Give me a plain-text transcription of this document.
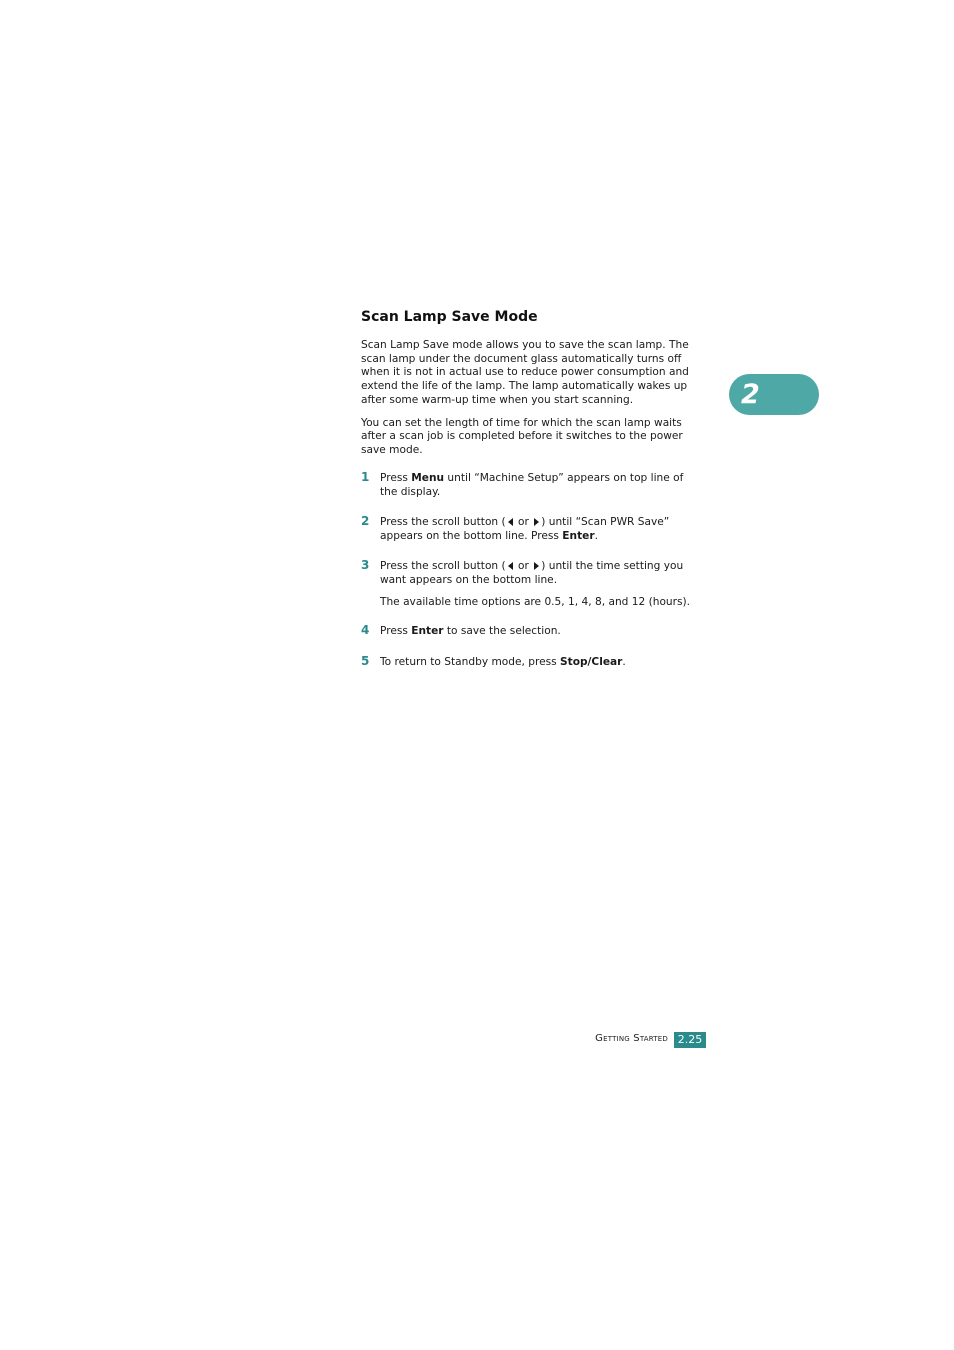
Scan Lamp Save Mode

Scan Lamp Save mode allows you to save the scan lamp. The
scan lamp under the document glass automatically turns off
when it is not in actual use to reduce power consumption and
extend the life of the lamp. The lamp automatically wakes up
after some warm-up time when you start scanning.

You can set the length of time for which the scan lamp waits
after a scan job is completed before it switches to the power
save mode.

1 Press Menu until “Machine Setup” appears on top line of
the display.
2 Press the scroll button ( or ) until “Scan PWR Save”
appears on the bottom line. Press Enter.
3 Press the scroll button ( or ) until the time setting you
want appears on the bottom line.
The available time options are 0.5, 1, 4, 8, and 12 (hours).
4 Press Enter to save the selection.
5 To return to Standby mode, press Stop/Clear.
2
Getting Started 2.25
